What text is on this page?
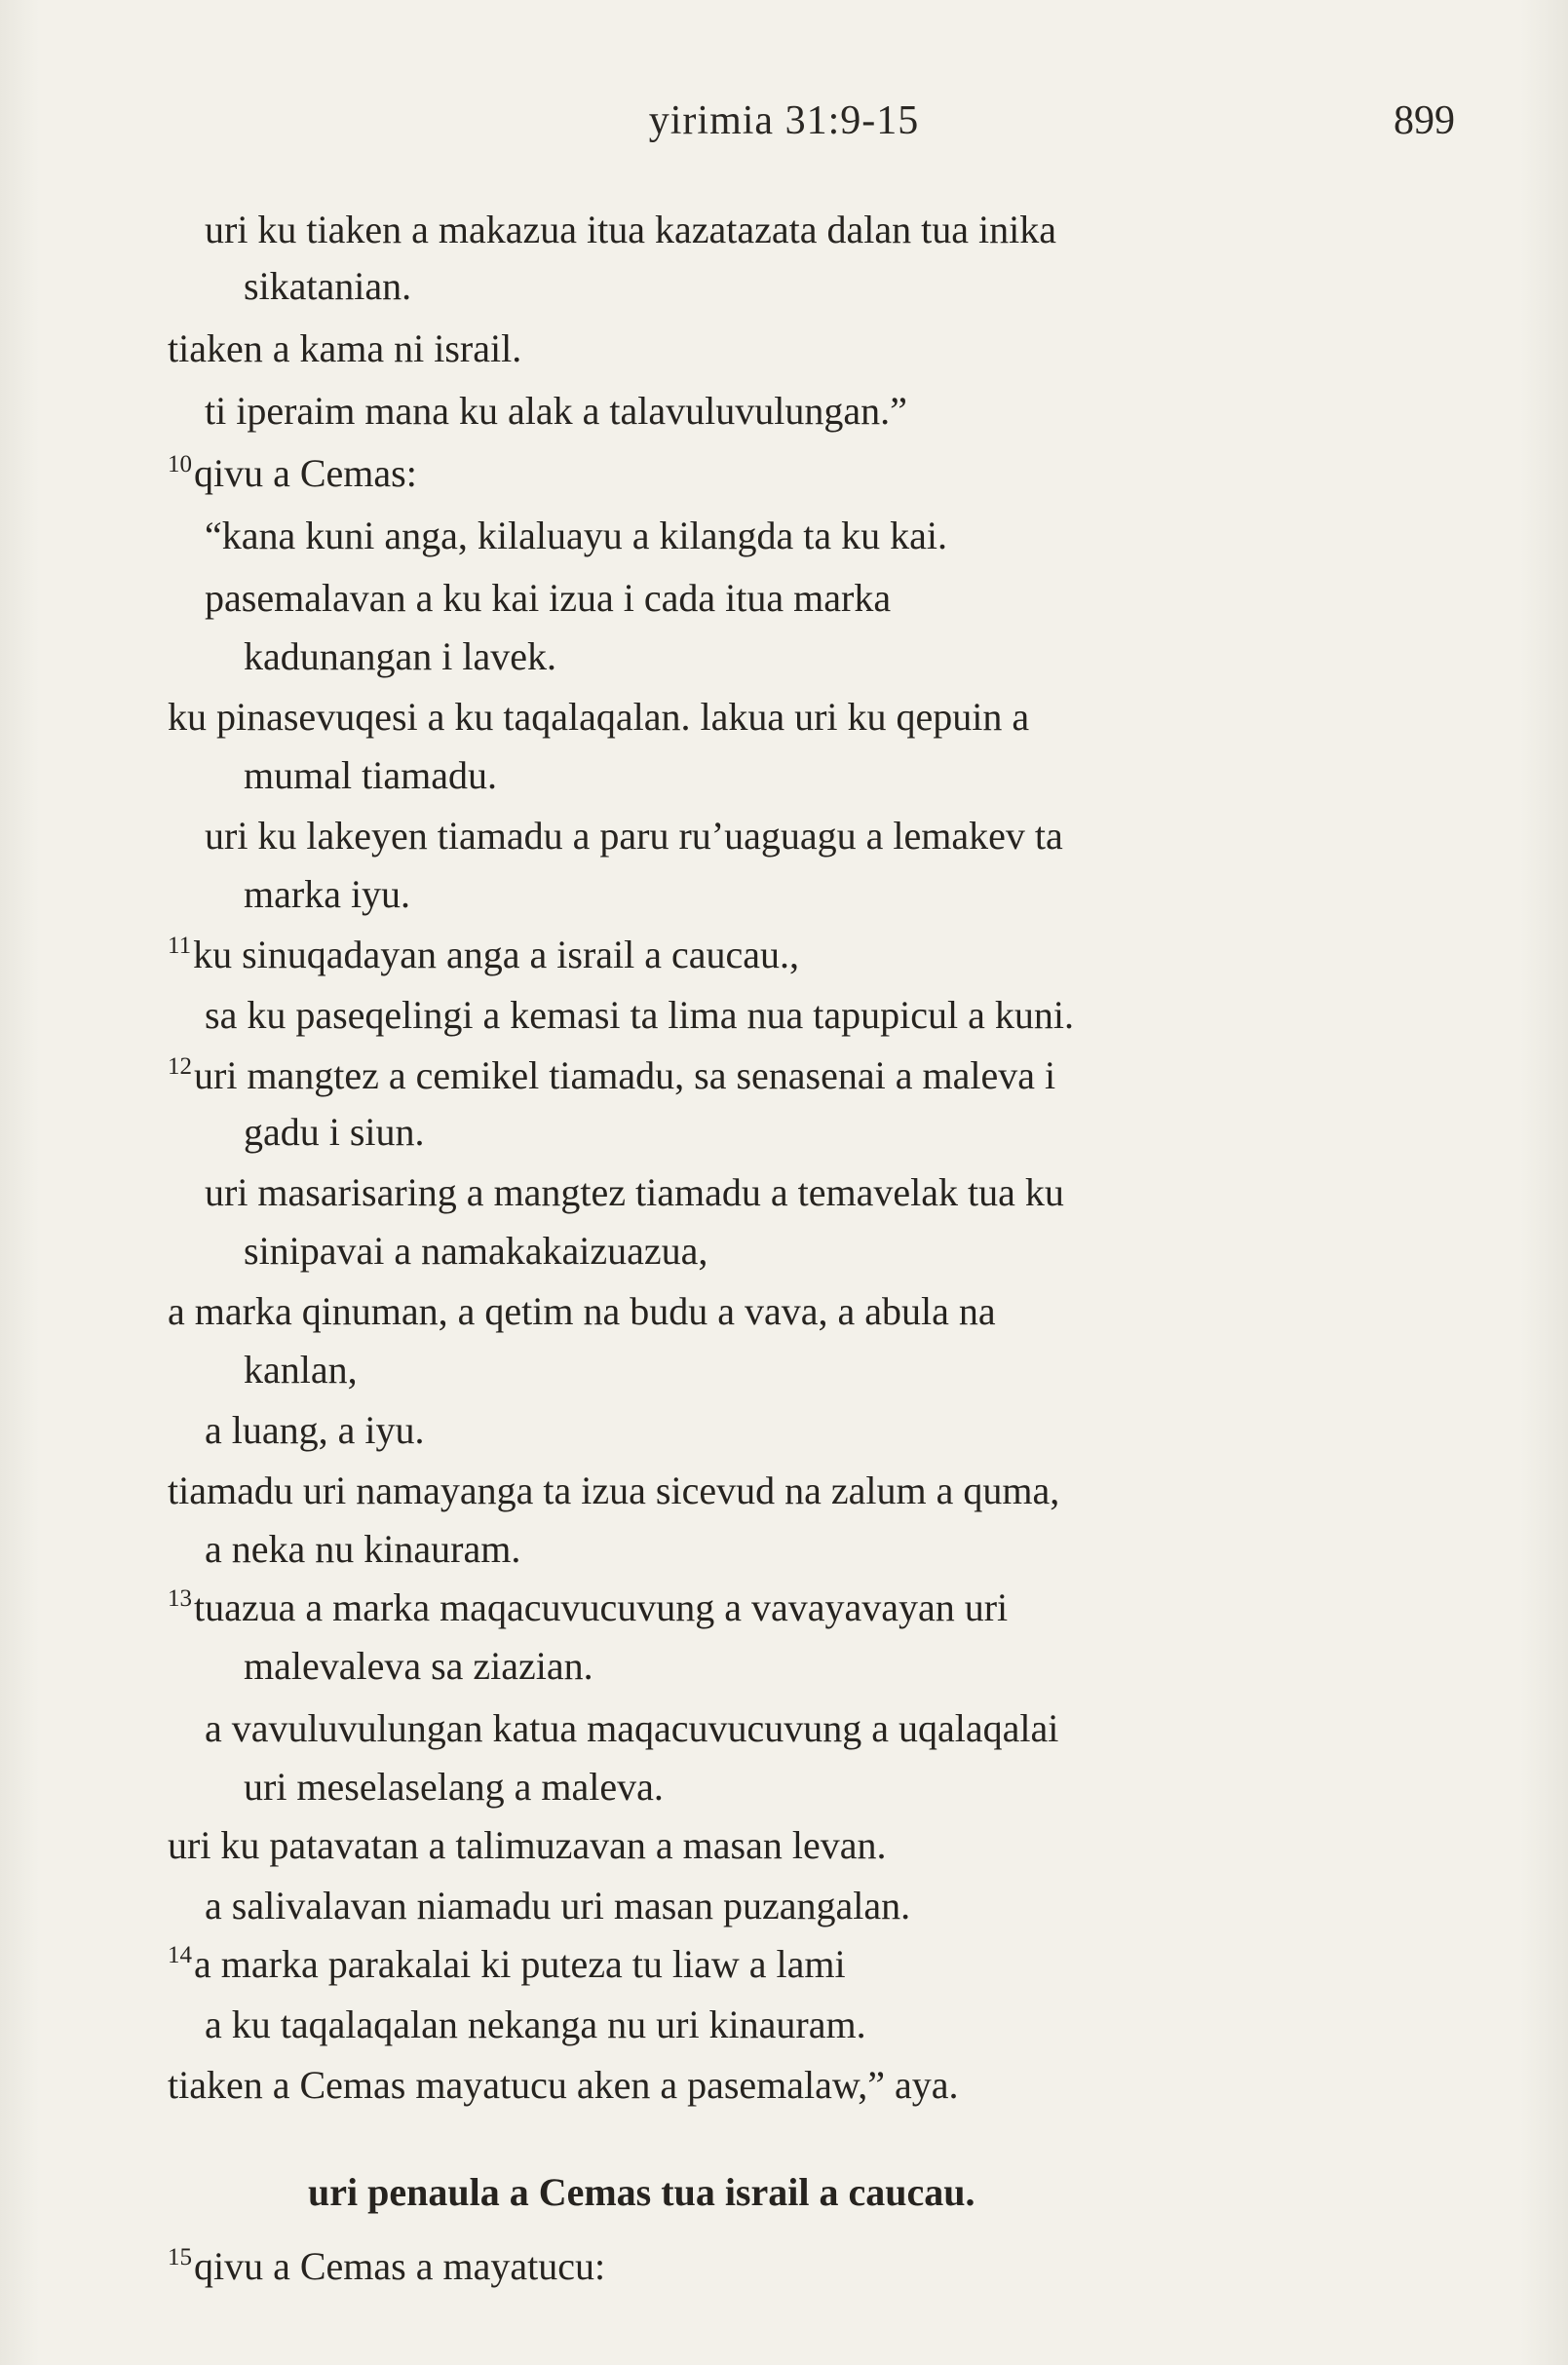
yirimia 31:9-15	899
uri ku tiaken a makazua itua kazatazata dalan tua inika
sikatanian.
tiaken a kama ni israil.
ti iperaim mana ku alak a talavuluvulungan.”
$^{10}$qivu a Cemas:
“kana kuni anga, kilaluayu a kilangda ta ku kai.
pasemalavan a ku kai izua i cada itua marka
kadunangan i lavek.
ku pinasevuqesi a ku taqalaqalan. lakua uri ku qepuin a
mumal tiamadu.
uri ku lakeyen tiamadu a paru ru’uaguagu a lemakev ta
marka iyu.
$^{11}$ku sinuqadayan anga a israil a caucau.,
sa ku paseqelingi a kemasi ta lima nua tapupicul a kuni.
$^{12}$uri mangtez a cemikel tiamadu, sa senasenai a maleva i
gadu i siun.
uri masarisaring a mangtez tiamadu a temavelak tua ku
sinipavai a namakakaizuazua,
a marka qinuman, a qetim na budu a vava, a abula na
kanlan,
a luang, a iyu.
tiamadu uri namayanga ta izua sicevud na zalum a quma,
a neka nu kinauram.
$^{13}$tuazua a marka maqacuvucuvung a vavayavayan uri
malevaleva sa ziazian.
a vavuluvulungan katua maqacuvucuvung a uqalaqalai
uri meselaselang a maleva.
uri ku patavatan a talimuzavan a masan levan.
a salivalavan niamadu uri masan puzangalan.
$^{14}$a marka parakalai ki puteza tu liaw a lami
a ku taqalaqalan nekanga nu uri kinauram.
tiaken a Cemas mayatucu aken a pasemalaw,” aya.
uri penaula a Cemas tua israil a caucau.
$^{15}$qivu a Cemas a mayatucu:
